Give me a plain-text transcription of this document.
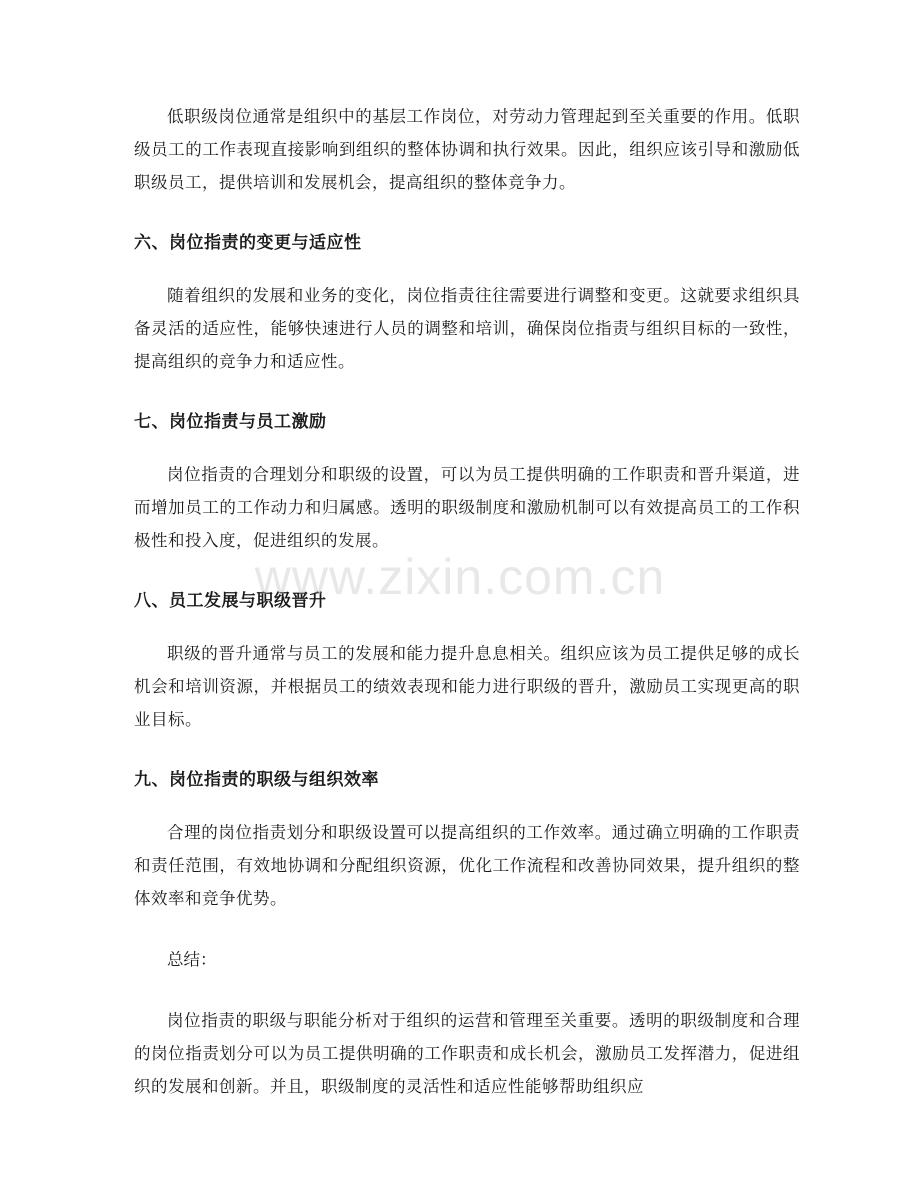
低职级岗位通常是组织中的基层工作岗位，对劳动力管理起到至关重要的作用。低职级员工的工作表现直接影响到组织的整体协调和执行效果。因此，组织应该引导和激励低职级员工，提供培训和发展机会，提高组织的整体竞争力。

六、岗位指责的变更与适应性

随着组织的发展和业务的变化，岗位指责往往需要进行调整和变更。这就要求组织具备灵活的适应性，能够快速进行人员的调整和培训，确保岗位指责与组织目标的一致性，提高组织的竞争力和适应性。

七、岗位指责与员工激励

岗位指责的合理划分和职级的设置，可以为员工提供明确的工作职责和晋升渠道，进而增加员工的工作动力和归属感。透明的职级制度和激励机制可以有效提高员工的工作积极性和投入度，促进组织的发展。

八、员工发展与职级晋升

职级的晋升通常与员工的发展和能力提升息息相关。组织应该为员工提供足够的成长机会和培训资源，并根据员工的绩效表现和能力进行职级的晋升，激励员工实现更高的职业目标。

九、岗位指责的职级与组织效率

合理的岗位指责划分和职级设置可以提高组织的工作效率。通过确立明确的工作职责和责任范围，有效地协调和分配组织资源，优化工作流程和改善协同效果，提升组织的整体效率和竞争优势。

总结：

岗位指责的职级与职能分析对于组织的运营和管理至关重要。透明的职级制度和合理的岗位指责划分可以为员工提供明确的工作职责和成长机会，激励员工发挥潜力，促进组织的发展和创新。并且，职级制度的灵活性和适应性能够帮助组织应

www.zixin.com.cn
